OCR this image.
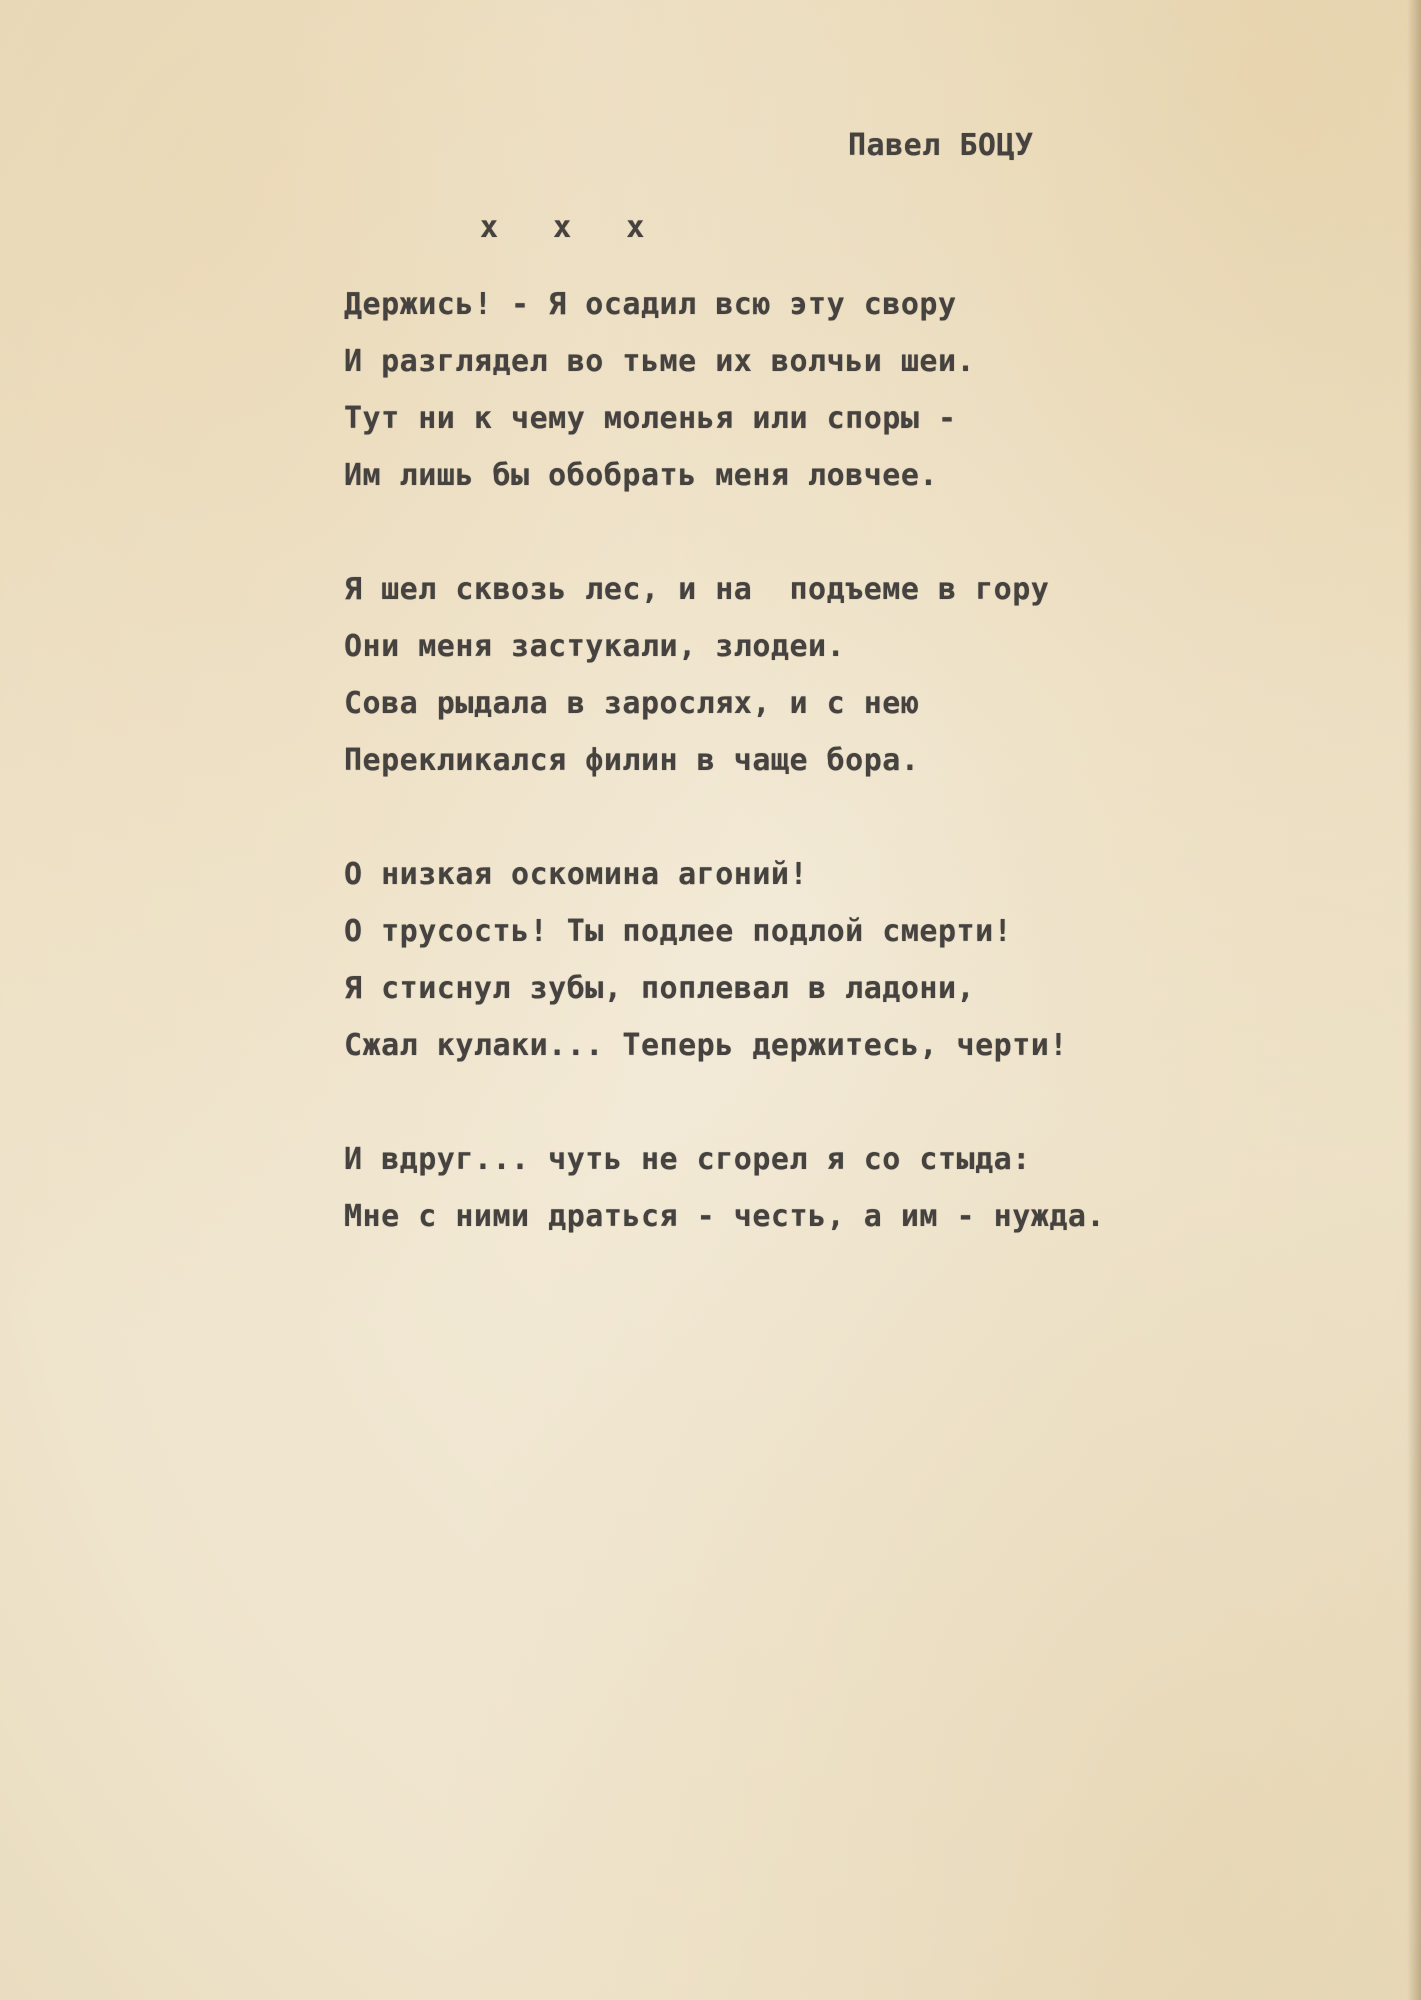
Павел БОЦУ

x x x

Держись! - Я осадил всю эту свору
И разглядел во тьме их волчьи шеи.
Тут ни к чему моленья или споры -
Им лишь бы обобрать меня ловчее.
Я шел сквозь лес, и на  подъеме в гору
Они меня застукали, злодеи.
Сова рыдала в зарослях, и с нею
Перекликался филин в чаще бора.
О низкая оскомина агоний!
О трусость! Ты подлее подлой смерти!
Я стиснул зубы, поплевал в ладони,
Сжал кулаки... Теперь держитесь, черти!
И вдруг... чуть не сгорел я со стыда:
Мне с ними драться - честь, а им - нужда.
